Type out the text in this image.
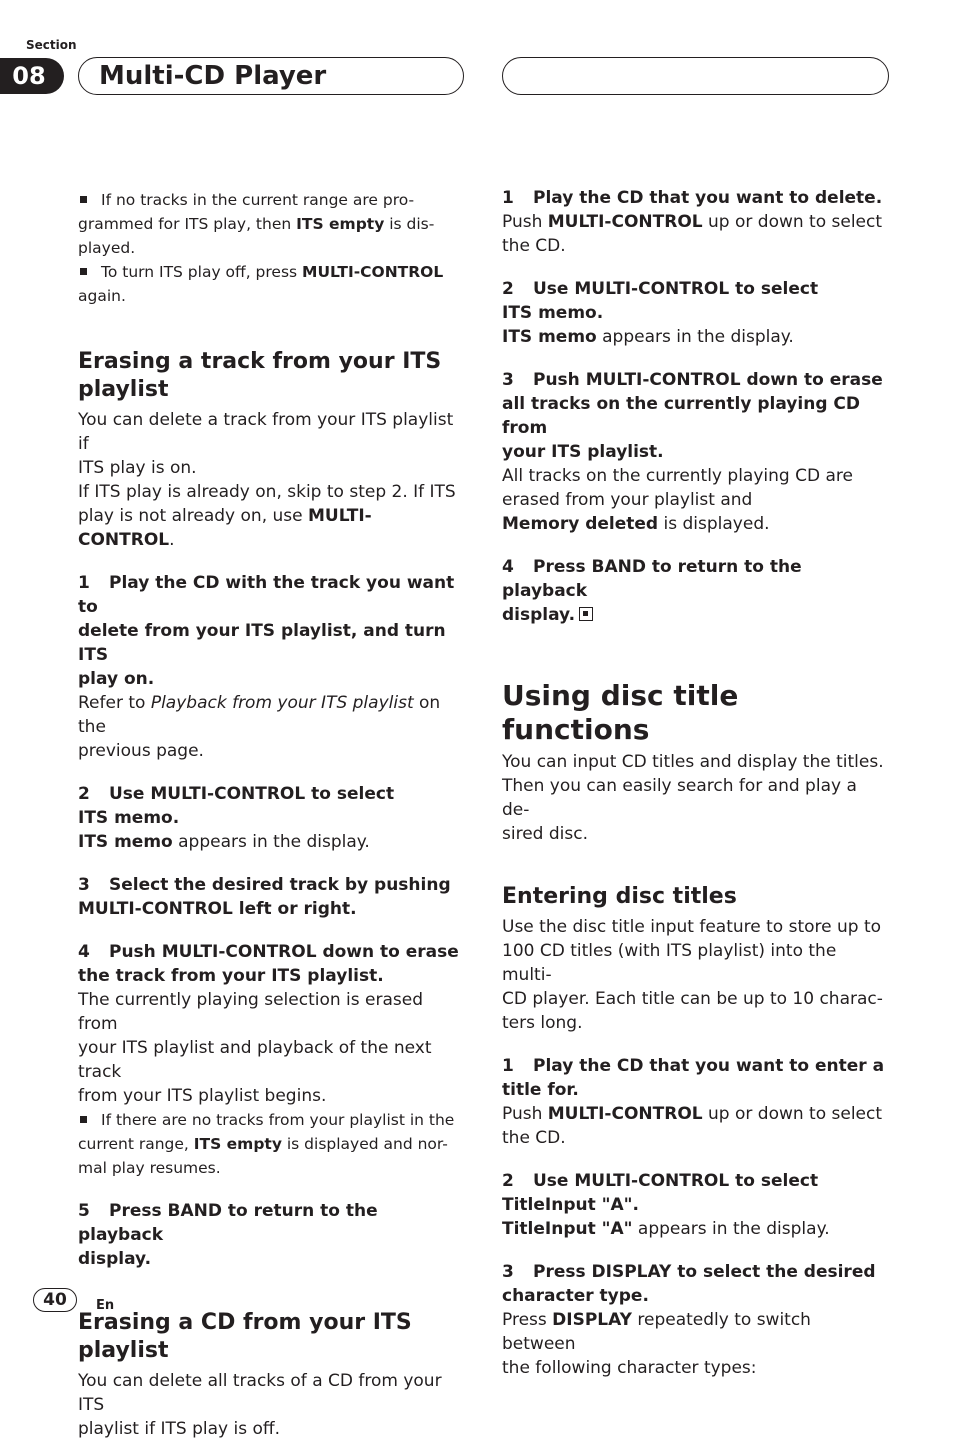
Section
08	Multi-CD Player

If no tracks in the current range are pro-
grammed for ITS play, then ITS empty is dis-
played.

To turn ITS play off, press MULTI-CONTROL
again.

Erasing a track from your ITS
playlist

You can delete a track from your ITS playlist if
ITS play is on.
If ITS play is already on, skip to step 2. If ITS
play is not already on, use MULTI-CONTROL.

1 Play the CD with the track you want to
delete from your ITS playlist, and turn ITS
play on.

Refer to Playback from your ITS playlist on the
previous page.

2 Use MULTI-CONTROL to select
ITS memo.

ITS memo appears in the display.

3 Select the desired track by pushing
MULTI-CONTROL left or right.

4 Push MULTI-CONTROL down to erase
the track from your ITS playlist.

The currently playing selection is erased from
your ITS playlist and playback of the next track
from your ITS playlist begins.

If there are no tracks from your playlist in the
current range, ITS empty is displayed and nor-
mal play resumes.

5 Press BAND to return to the playback
display.

Erasing a CD from your ITS playlist

You can delete all tracks of a CD from your ITS
playlist if ITS play is off.

1 Play the CD that you want to delete.

Push MULTI-CONTROL up or down to select
the CD.

2 Use MULTI-CONTROL to select
ITS memo.

ITS memo appears in the display.

3 Push MULTI-CONTROL down to erase
all tracks on the currently playing CD from
your ITS playlist.

All tracks on the currently playing CD are
erased from your playlist and
Memory deleted is displayed.

4 Press BAND to return to the playback
display.

Using disc title functions

You can input CD titles and display the titles.
Then you can easily search for and play a de-
sired disc.

Entering disc titles

Use the disc title input feature to store up to
100 CD titles (with ITS playlist) into the multi-
CD player. Each title can be up to 10 charac-
ters long.

1 Play the CD that you want to enter a
title for.

Push MULTI-CONTROL up or down to select
the CD.

2 Use MULTI-CONTROL to select
TitleInput "A".

TitleInput "A" appears in the display.

3 Press DISPLAY to select the desired
character type.

Press DISPLAY repeatedly to switch between
the following character types:

40	En
